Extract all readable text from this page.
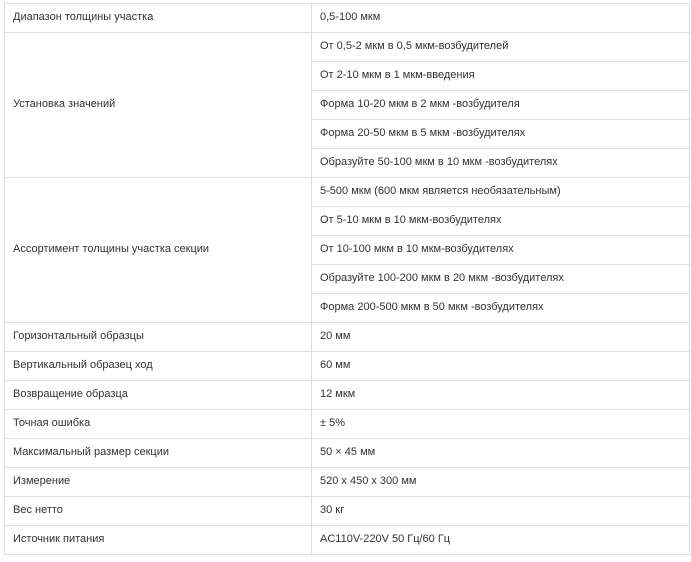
Диапазон толщины участка	0,5-100 мкм
Установка значений	От 0,5-2 мкм в 0,5 мкм-возбудителей
	От 2-10 мкм в 1 мкм-введения
	Форма 10-20 мкм в 2 мкм -возбудителя
	Форма 20-50 мкм в 5 мкм -возбудителях
	Образуйте 50-100 мкм в 10 мкм -возбудителях
Ассортимент толщины участка секции	5-500 мкм (600 мкм является необязательным)
	От 5-10 мкм в 10 мкм-возбудителях
	От 10-100 мкм в 10 мкм-возбудителях
	Образуйте 100-200 мкм в 20 мкм -возбудителях
	Форма 200-500 мкм в 50 мкм -возбудителях
Горизонтальный образцы	20 мм
Вертикальный образец ход	60 мм
Возвращение образца	12 мкм
Точная ошибка	± 5%
Максимальный размер секции	50 × 45 мм
Измерение	520 х 450 х 300 мм
Вес нетто	30 кг
Источник питания	AC110V-220V 50 Гц/60 Гц
